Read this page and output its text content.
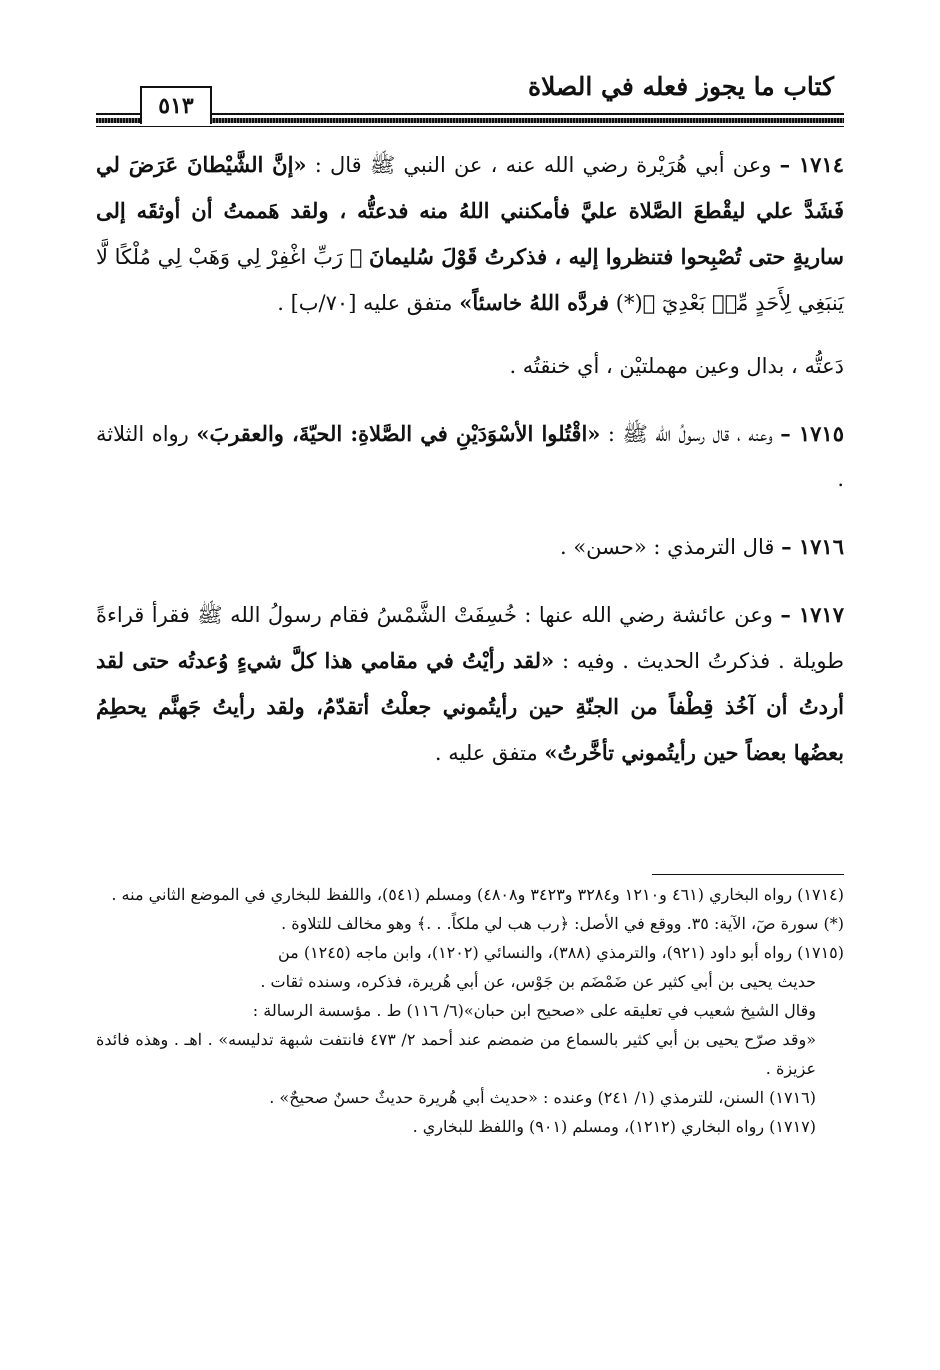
كتاب ما يجوز فعله في الصلاة
٥١٣

١٧١٤ – وعن أبي هُرَيْرة رضي الله عنه ، عن النبي ﷺ قال : «إنَّ الشَّيْطانَ عَرَضَ لي فَشَدَّ علي ليقْطعَ الصَّلاة عليَّ فأمكنني اللهُ منه فدعتُّه ، ولقد هَممتُ أن أوثقَه إلى ساريةٍ حتى تُصْبِحوا فتنظروا إليه ، فذكرتُ قَوْلَ سُليمانَ ﴿ رَبِّ اغْفِرْ لِي وَهَبْ لِي مُلْكًا لَّا يَنبَغِي لِأَحَدٍ مِّنۢ بَعْدِيٓ ﴾(*) فردَّه اللهُ خاسئاً» متفق عليه [٧٠/ب] .

دَعتُّه ، بدال وعين مهملتيْن ، أي خنقتُه .

١٧١٥ – وعنه ، قال رسولُ الله ﷺ : «اقْتُلوا الأسْوَدَيْنِ في الصَّلاةِ: الحيّةَ، والعقربَ» رواه الثلاثة .

١٧١٦ – قال الترمذي : «حسن» .

١٧١٧ – وعن عائشة رضي الله عنها : خُسِفَتْ الشَّمْسُ فقام رسولُ الله ﷺ فقرأ قراءةً طويلة . فذكرتُ الحديث . وفيه : «لقد رأيْتُ في مقامي هذا كلَّ شيءٍ وُعدتُه حتى لقد أردتُ أن آخُذ قِطْفاً من الجنّةِ حين رأيتُموني جعلْتُ أتقدّمُ، ولقد رأيتُ جَهنَّم يحطِمُ بعضُها بعضاً حين رأيتُموني تأخَّرتُ» متفق عليه .

(١٧١٤) رواه البخاري (٤٦١ و١٢١٠ و٣٢٨٤ و٣٤٢٣ و٤٨٠٨) ومسلم (٥٤١)، واللفظ للبخاري في الموضع الثاني منه .

(*) سورة صٓ، الآية: ٣٥. ووقع في الأصل: ﴿رب هب لي ملكاً. . .﴾ وهو مخالف للتلاوة .

(١٧١٥) رواه أبو داود (٩٢١)، والترمذي (٣٨٨)، والنسائي (١٢٠٢)، وابن ماجه (١٢٤٥) من
حديث يحيى بن أبي كثير عن ضَمْضَم بن جَوْس، عن أبي هُريرة، فذكره، وسنده ثقات .
وقال الشيخ شعيب في تعليقه على «صحيح ابن حبان»(٦/ ١١٦) ط . مؤسسة الرسالة :
«وقد صرّح يحيى بن أبي كثير بالسماع من ضمضم عند أحمد ٢/ ٤٧٣ فانتفت شبهة تدليسه» . اهـ . وهذه فائدة عزيزة .

(١٧١٦) السنن، للترمذي (١/ ٢٤١) وعنده : «حديث أبي هُريرة حديثٌ حسنٌ صحيحٌ» .

(١٧١٧) رواه البخاري (١٢١٢)، ومسلم (٩٠١) واللفظ للبخاري .
